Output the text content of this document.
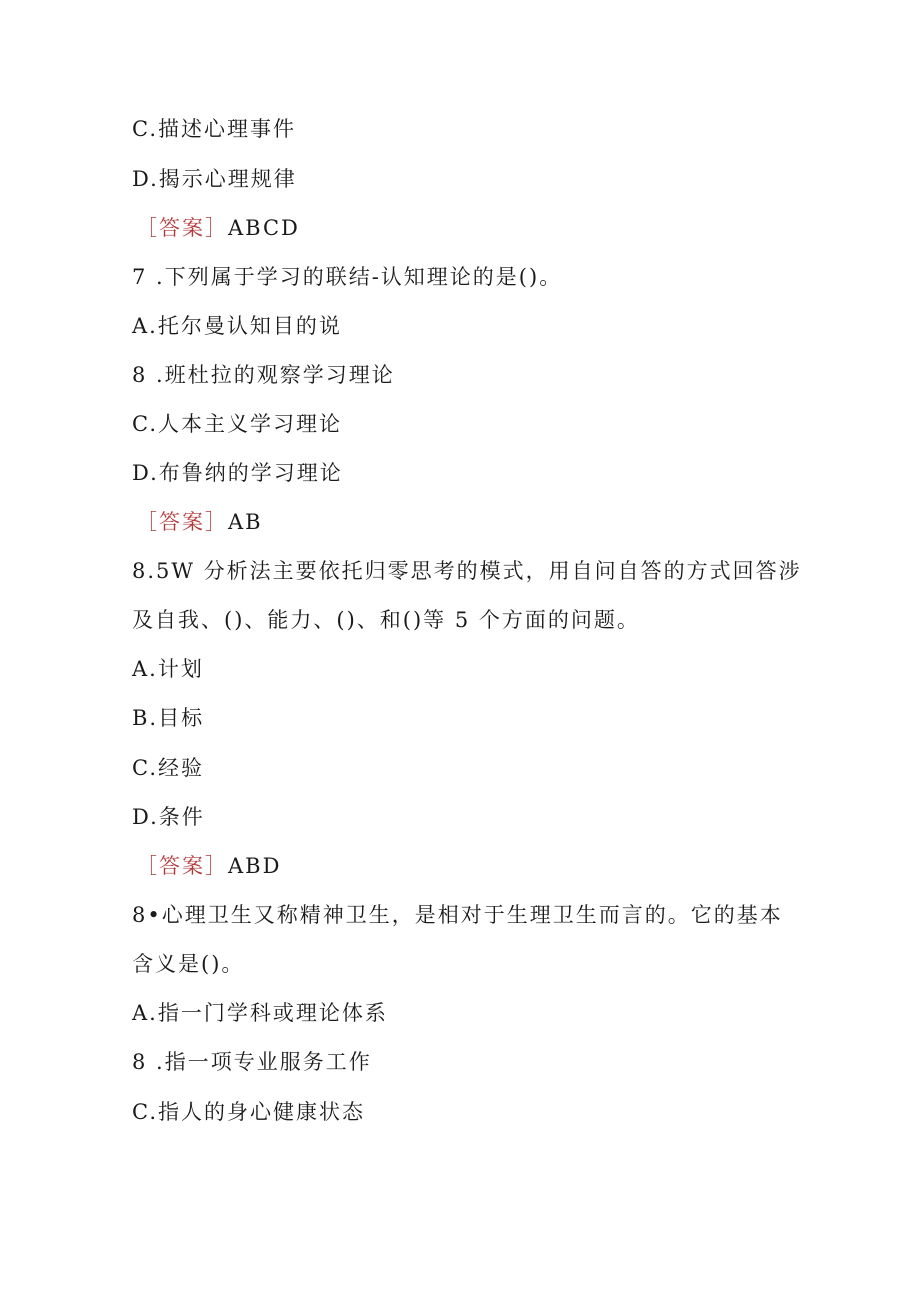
C.描述心理事件
D.揭示心理规律
［答案］ABCD
7 .下列属于学习的联结-认知理论的是()。
A.托尔曼认知目的说
8 .班杜拉的观察学习理论
C.人本主义学习理论
D.布鲁纳的学习理论
［答案］AB
8.5W 分析法主要依托归零思考的模式，用自问自答的方式回答涉
及自我、()、能力、()、和()等 5 个方面的问题。
A.计划
B.目标
C.经验
D.条件
［答案］ABD
8•心理卫生又称精神卫生，是相对于生理卫生而言的。它的基本
含义是()。
A.指一门学科或理论体系
8 .指一项专业服务工作
C.指人的身心健康状态
